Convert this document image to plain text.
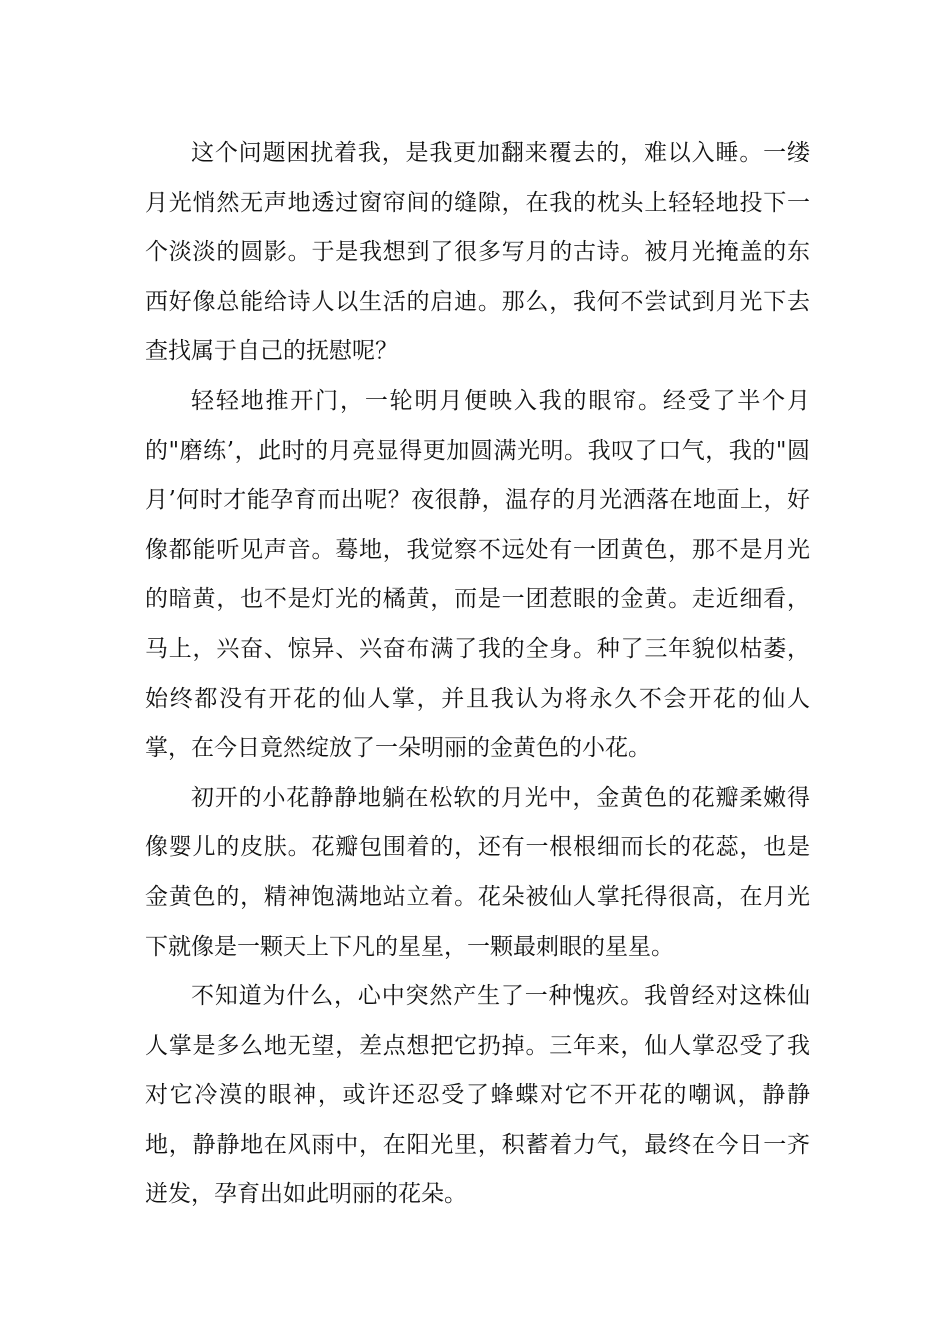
这个问题困扰着我，是我更加翻来覆去的，难以入睡。一缕月光悄然无声地透过窗帘间的缝隙，在我的枕头上轻轻地投下一个淡淡的圆影。于是我想到了很多写月的古诗。被月光掩盖的东西好像总能给诗人以生活的启迪。那么，我何不尝试到月光下去查找属于自己的抚慰呢？

轻轻地推开门，一轮明月便映入我的眼帘。经受了半个月的"磨练’，此时的月亮显得更加圆满光明。我叹了口气，我的"圆月’何时才能孕育而出呢？夜很静，温存的月光洒落在地面上，好像都能听见声音。蓦地，我觉察不远处有一团黄色，那不是月光的暗黄，也不是灯光的橘黄，而是一团惹眼的金黄。走近细看，马上，兴奋、惊异、兴奋布满了我的全身。种了三年貌似枯萎，始终都没有开花的仙人掌，并且我认为将永久不会开花的仙人掌，在今日竟然绽放了一朵明丽的金黄色的小花。

初开的小花静静地躺在松软的月光中，金黄色的花瓣柔嫩得像婴儿的皮肤。花瓣包围着的，还有一根根细而长的花蕊，也是金黄色的，精神饱满地站立着。花朵被仙人掌托得很高，在月光下就像是一颗天上下凡的星星，一颗最刺眼的星星。

不知道为什么，心中突然产生了一种愧疚。我曾经对这株仙人掌是多么地无望，差点想把它扔掉。三年来，仙人掌忍受了我对它冷漠的眼神，或许还忍受了蜂蝶对它不开花的嘲讽，静静地，静静地在风雨中，在阳光里，积蓄着力气，最终在今日一齐迸发，孕育出如此明丽的花朵。
